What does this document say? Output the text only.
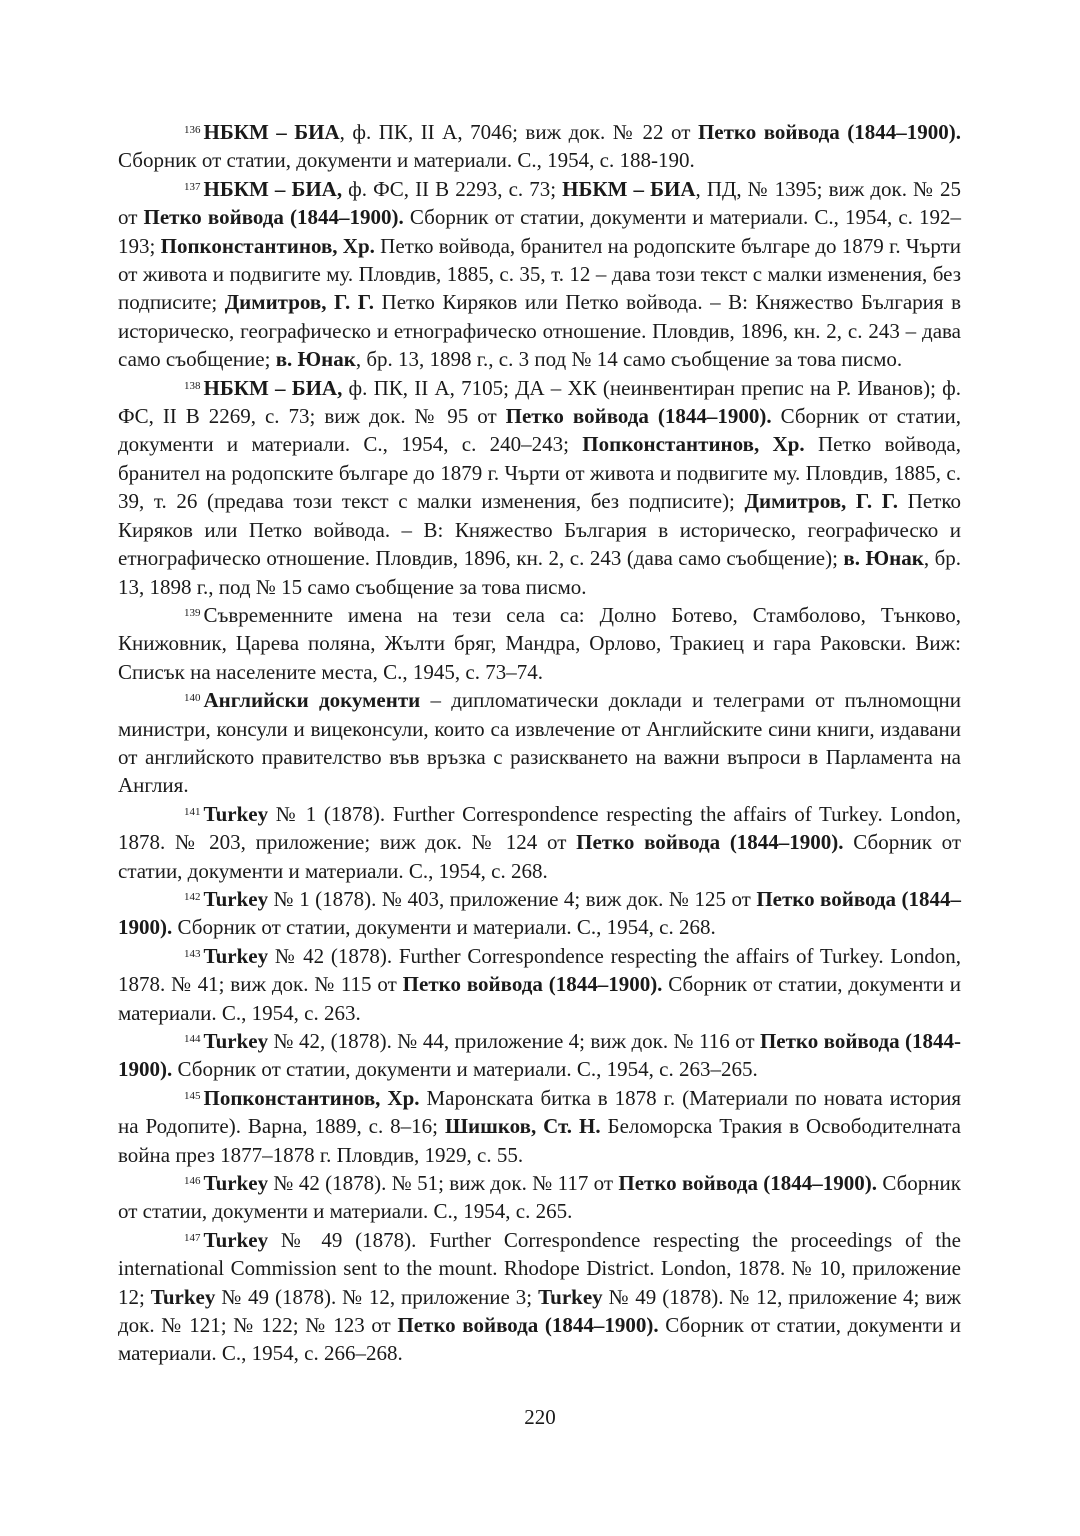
$^{136}$ НБКМ – БИА, ф. ПК, II А, 7046; виж док. № 22 от Петко войвода (1844–1900). Сборник от статии, документи и материали. С., 1954, с. 188-190.

$^{137}$ НБКМ – БИА, ф. ФС, II В 2293, с. 73; НБКМ – БИА, ПД, № 1395; виж док. № 25 от Петко войвода (1844–1900). Сборник от статии, документи и материали. С., 1954, с. 192–193; Попконстантинов, Хр. Петко войвода, бранител на родопските българе до 1879 г. Чърти от живота и подвигите му. Пловдив, 1885, с. 35, т. 12 – дава този текст с малки изменения, без подписите; Димитров, Г. Г. Петко Киряков или Петко войвода. – В: Княжество България в историческо, географическо и етнографическо отношение. Пловдив, 1896, кн. 2, с. 243 – дава само съобщение; в. Юнак, бр. 13, 1898 г., с. 3 под № 14 само съобщение за това писмо.

$^{138}$ НБКМ – БИА, ф. ПК, II А, 7105; ДА – ХК (неинвентиран препис на Р. Иванов); ф. ФС, II В 2269, с. 73; виж док. № 95 от Петко войвода (1844–1900). Сборник от статии, документи и материали. С., 1954, с. 240–243; Попконстантинов, Хр. Петко войвода, бранител на родопските българе до 1879 г. Чърти от живота и подвигите му. Пловдив, 1885, с. 39, т. 26 (предава този текст с малки изменения, без подписите); Димитров, Г. Г. Петко Киряков или Петко войвода. – В: Княжество България в историческо, географическо и етнографическо отношение. Пловдив, 1896, кн. 2, с. 243 (дава само съобщение); в. Юнак, бр. 13, 1898 г., под № 15 само съобщение за това писмо.

$^{139}$ Съвременните имена на тези села са: Долно Ботево, Стамболово, Тънково, Книжовник, Царева поляна, Жълти бряг, Мандра, Орлово, Тракиец и гара Раковски. Виж: Списък на населените места, С., 1945, с. 73–74.

$^{140}$ Английски документи – дипломатически доклади и телеграми от пълномощни министри, консули и вицеконсули, които са извлечение от Английските сини книги, издавани от английското правителство във връзка с разискването на важни въпроси в Парламента на Англия.

$^{141}$ Turkey № 1 (1878). Further Correspondence respecting the affairs of Turkey. London, 1878. № 203, приложение; виж док. № 124 от Петко войвода (1844–1900). Сборник от статии, документи и материали. С., 1954, с. 268.

$^{142}$ Turkey № 1 (1878). № 403, приложение 4; виж док. № 125 от Петко войвода (1844–1900). Сборник от статии, документи и материали. С., 1954, с. 268.

$^{143}$ Turkey № 42 (1878). Further Correspondence respecting the affairs of Turkey. London, 1878. № 41; виж док. № 115 от Петко войвода (1844–1900). Сборник от статии, документи и материали. С., 1954, с. 263.

$^{144}$ Turkey № 42, (1878). № 44, приложение 4; виж док. № 116 от Петко войвода (1844-1900). Сборник от статии, документи и материали. С., 1954, с. 263–265.

$^{145}$ Попконстантинов, Хр. Маронската битка в 1878 г. (Материали по новата история на Родопите). Варна, 1889, с. 8–16; Шишков, Ст. Н. Беломорска Тракия в Освободителната война през 1877–1878 г. Пловдив, 1929, с. 55.

$^{146}$ Turkey № 42 (1878). № 51; виж док. № 117 от Петко войвода (1844–1900). Сборник от статии, документи и материали. С., 1954, с. 265.

$^{147}$ Turkey № 49 (1878). Further Correspondence respecting the proceedings of the international Commission sent to the mount. Rhodope District. London, 1878. № 10, приложение 12; Turkey № 49 (1878). № 12, приложение 3; Turkey № 49 (1878). № 12, приложение 4; виж док. № 121; № 122; № 123 от Петко войвода (1844–1900). Сборник от статии, документи и материали. С., 1954, с. 266–268.

220
